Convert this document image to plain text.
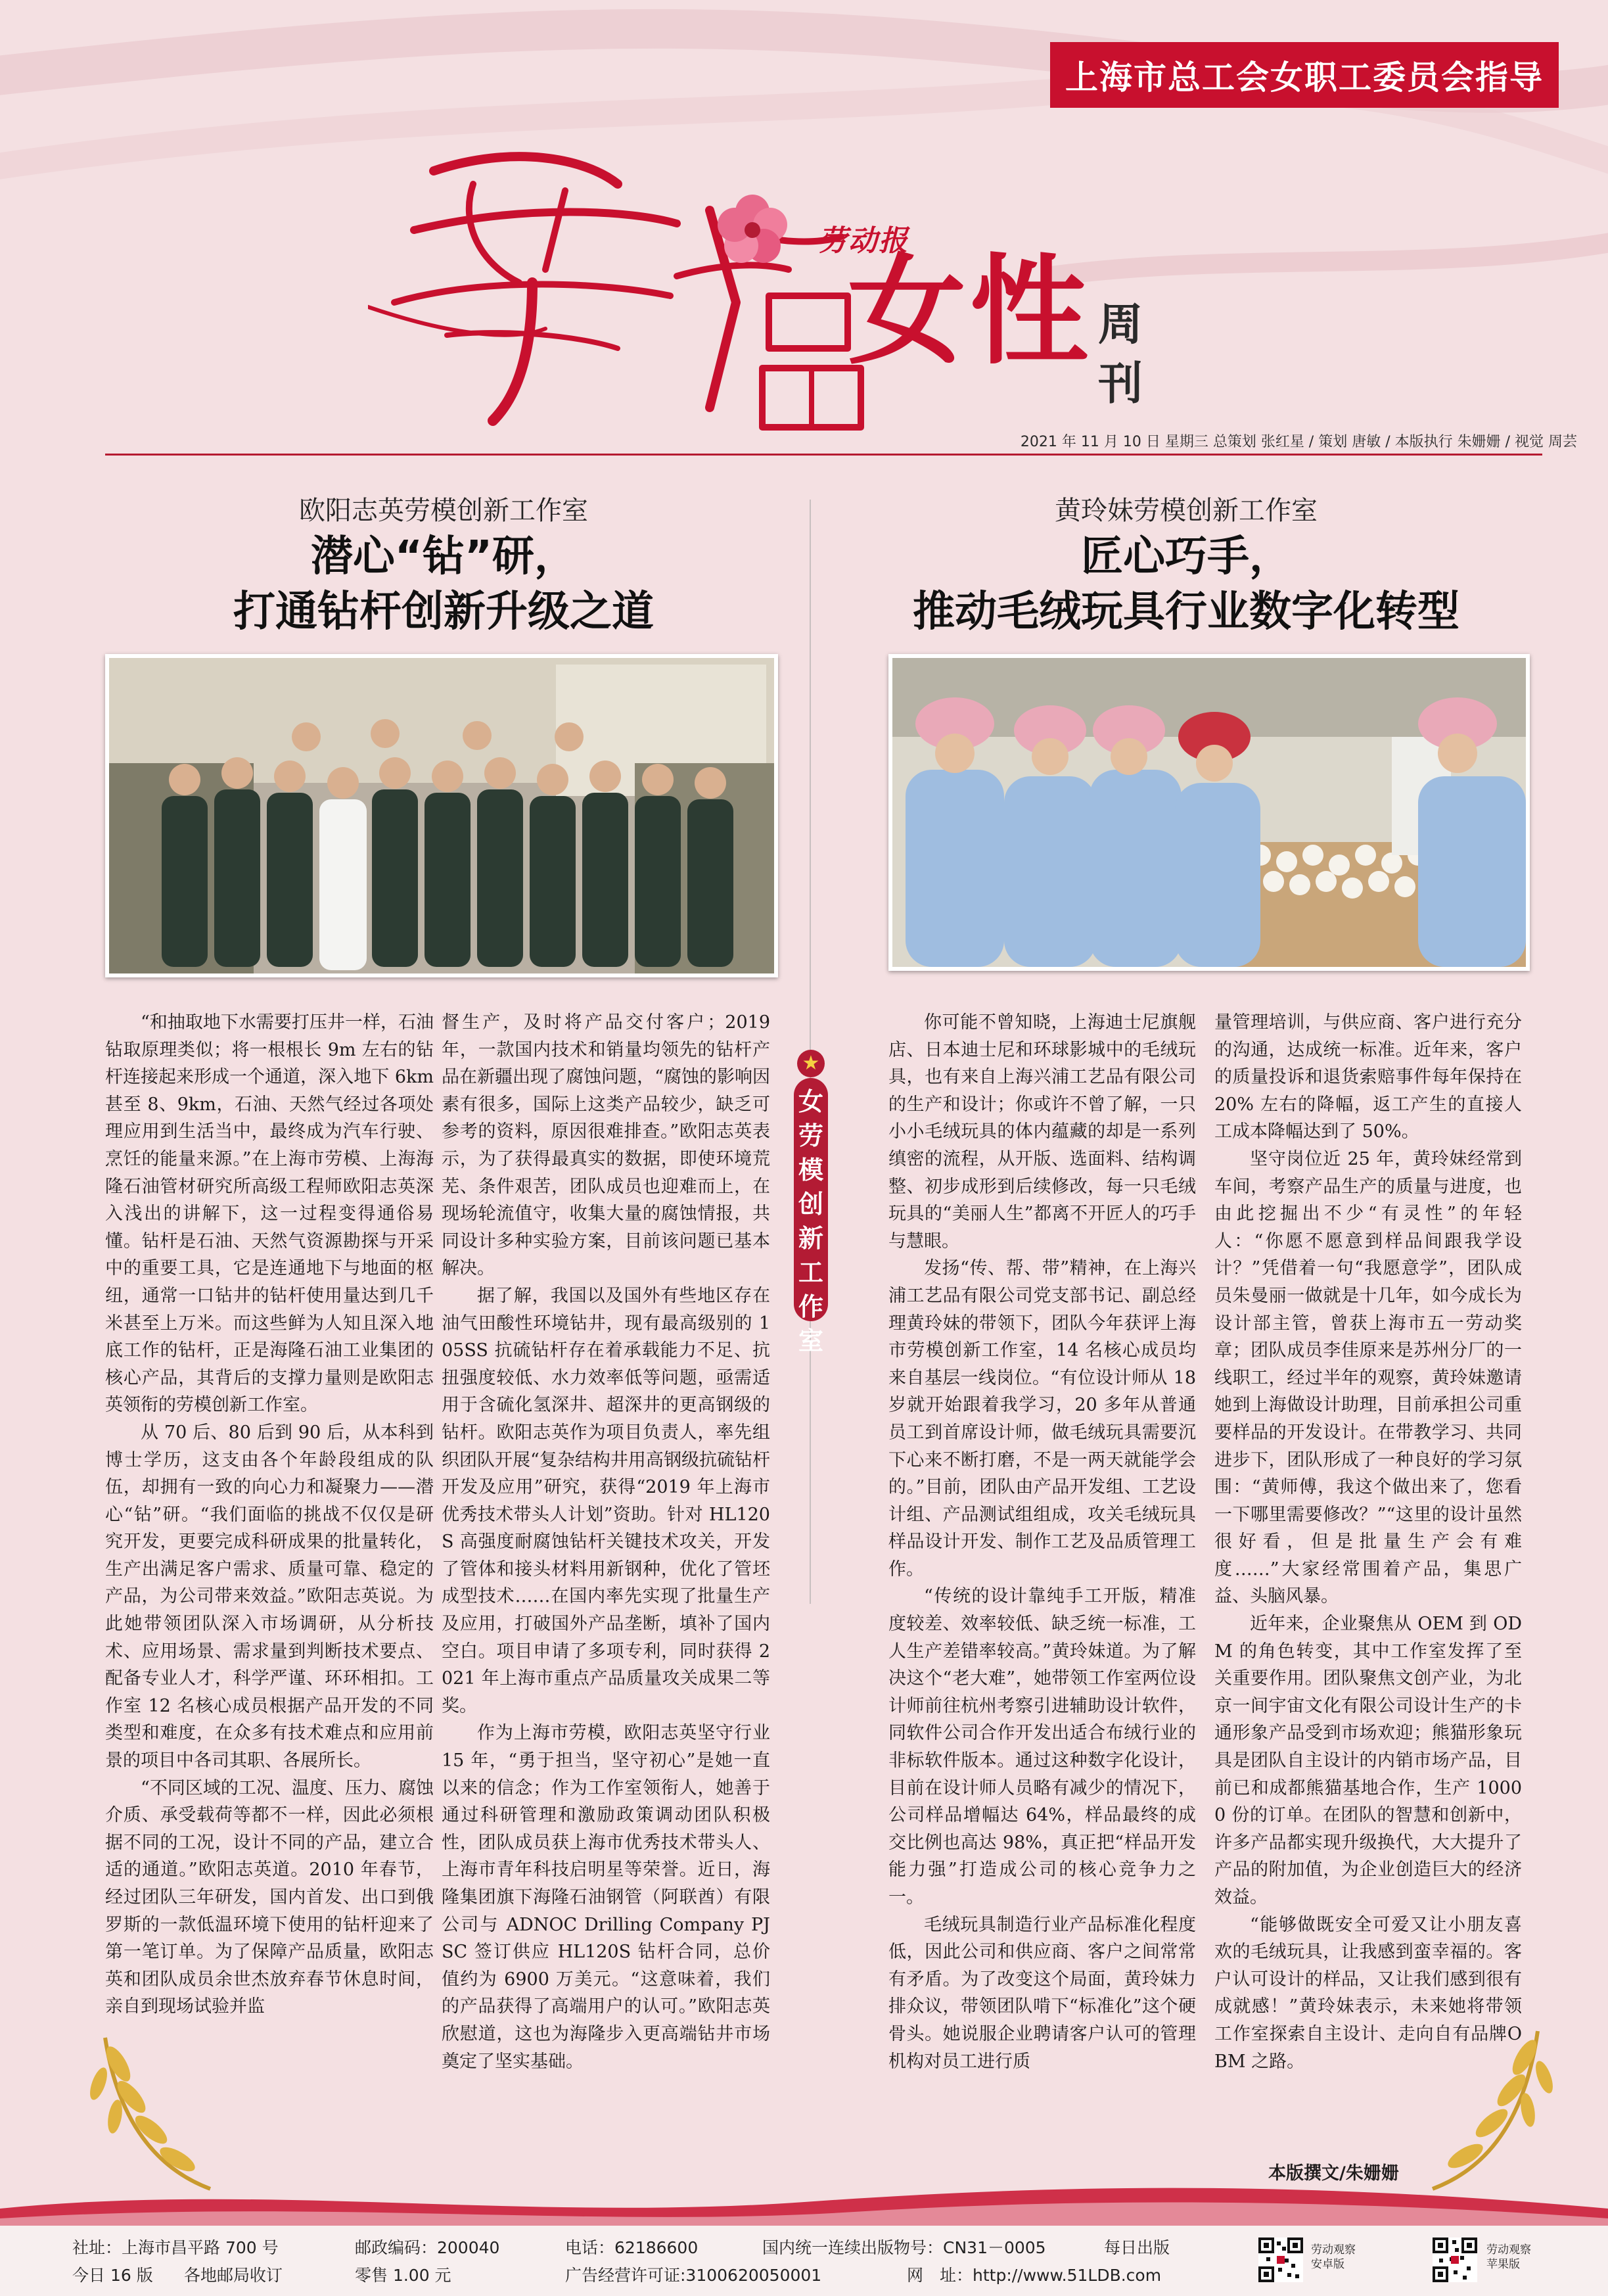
上海市总工会女职工委员会指导
劳动报
女性 周
刊
2021 年 11 月 10 日 星期三 总策划 张红星 / 策划 唐敏 / 本版执行 朱姗姗 / 视觉 周芸
欧阳志英劳模创新工作室
潜心“钻”研，
打通钻杆创新升级之道

“和抽取地下水需要打压井一样，石油钻取原理类似；将一根根长 9m 左右的钻杆连接起来形成一个通道，深入地下 6km 甚至 8、9km，石油、天然气经过各项处理应用到生活当中，最终成为汽车行驶、烹饪的能量来源。”在上海市劳模、上海海隆石油管材研究所高级工程师欧阳志英深入浅出的讲解下，这一过程变得通俗易懂。钻杆是石油、天然气资源勘探与开采中的重要工具，它是连通地下与地面的枢纽，通常一口钻井的钻杆使用量达到几千米甚至上万米。而这些鲜为人知且深入地底工作的钻杆，正是海隆石油工业集团的核心产品，其背后的支撑力量则是欧阳志英领衔的劳模创新工作室。

从 70 后、80 后到 90 后，从本科到博士学历，这支由各个年龄段组成的队伍，却拥有一致的向心力和凝聚力——潜心“钻”研。“我们面临的挑战不仅仅是研究开发，更要完成科研成果的批量转化，生产出满足客户需求、质量可靠、稳定的产品，为公司带来效益。”欧阳志英说。为此她带领团队深入市场调研，从分析技术、应用场景、需求量到判断技术要点、配备专业人才，科学严谨、环环相扣。工作室 12 名核心成员根据产品开发的不同类型和难度，在众多有技术难点和应用前景的项目中各司其职、各展所长。

“不同区域的工况、温度、压力、腐蚀介质、承受载荷等都不一样，因此必须根据不同的工况，设计不同的产品，建立合适的通道。”欧阳志英道。2010 年春节，经过团队三年研发，国内首发、出口到俄罗斯的一款低温环境下使用的钻杆迎来了第一笔订单。为了保障产品质量，欧阳志英和团队成员余世杰放弃春节休息时间，亲自到现场试验并监

督生产，及时将产品交付客户；2019 年，一款国内技术和销量均领先的钻杆产品在新疆出现了腐蚀问题，“腐蚀的影响因素有很多，国际上这类产品较少，缺乏可参考的资料，原因很难排查。”欧阳志英表示，为了获得最真实的数据，即使环境荒芜、条件艰苦，团队成员也迎难而上，在现场轮流值守，收集大量的腐蚀情报，共同设计多种实验方案，目前该问题已基本解决。

据了解，我国以及国外有些地区存在油气田酸性环境钻井，现有最高级别的 105SS 抗硫钻杆存在着承载能力不足、抗扭强度较低、水力效率低等问题，亟需适用于含硫化氢深井、超深井的更高钢级的钻杆。欧阳志英作为项目负责人，率先组织团队开展“复杂结构井用高钢级抗硫钻杆开发及应用”研究，获得“2019 年上海市优秀技术带头人计划”资助。针对 HL120S 高强度耐腐蚀钻杆关键技术攻关，开发了管体和接头材料用新钢种，优化了管坯成型技术……在国内率先实现了批量生产及应用，打破国外产品垄断，填补了国内空白。项目申请了多项专利，同时获得 2021 年上海市重点产品质量攻关成果二等奖。

作为上海市劳模，欧阳志英坚守行业 15 年，“勇于担当，坚守初心”是她一直以来的信念；作为工作室领衔人，她善于通过科研管理和激励政策调动团队积极性，团队成员获上海市优秀技术带头人、上海市青年科技启明星等荣誉。近日，海隆集团旗下海隆石油钢管（阿联酋）有限公司与 ADNOC Drilling Company PJSC 签订供应 HL120S 钻杆合同，总价值约为 6900 万美元。“这意味着，我们的产品获得了高端用户的认可。”欧阳志英欣慰道，这也为海隆步入更高端钻井市场奠定了坚实基础。

★
女劳模创新工作室
黄玲妹劳模创新工作室
匠心巧手，
推动毛绒玩具行业数字化转型

你可能不曾知晓，上海迪士尼旗舰店、日本迪士尼和环球影城中的毛绒玩具，也有来自上海兴浦工艺品有限公司的生产和设计；你或许不曾了解，一只小小毛绒玩具的体内蕴藏的却是一系列缜密的流程，从开版、选面料、结构调整、初步成形到后续修改，每一只毛绒玩具的“美丽人生”都离不开匠人的巧手与慧眼。

发扬“传、帮、带”精神，在上海兴浦工艺品有限公司党支部书记、副总经理黄玲妹的带领下，团队今年获评上海市劳模创新工作室，14 名核心成员均来自基层一线岗位。“有位设计师从 18 岁就开始跟着我学习，20 多年从普通员工到首席设计师，做毛绒玩具需要沉下心来不断打磨，不是一两天就能学会的。”目前，团队由产品开发组、工艺设计组、产品测试组组成，攻关毛绒玩具样品设计开发、制作工艺及品质管理工作。

“传统的设计靠纯手工开版，精准度较差、效率较低、缺乏统一标准，工人生产差错率较高。”黄玲妹道。为了解决这个“老大难”，她带领工作室两位设计师前往杭州考察引进辅助设计软件，同软件公司合作开发出适合布绒行业的非标软件版本。通过这种数字化设计，目前在设计师人员略有减少的情况下，公司样品增幅达 64%，样品最终的成交比例也高达 98%，真正把“样品开发能力强”打造成公司的核心竞争力之一。

毛绒玩具制造行业产品标准化程度低，因此公司和供应商、客户之间常常有矛盾。为了改变这个局面，黄玲妹力排众议，带领团队啃下“标准化”这个硬骨头。她说服企业聘请客户认可的管理机构对员工进行质

量管理培训，与供应商、客户进行充分的沟通，达成统一标准。近年来，客户的质量投诉和退货索赔事件每年保持在 20% 左右的降幅，返工产生的直接人工成本降幅达到了 50%。

坚守岗位近 25 年，黄玲妹经常到车间，考察产品生产的质量与进度，也由此挖掘出不少“有灵性”的年轻人：“你愿不愿意到样品间跟我学设计？”凭借着一句“我愿意学”，团队成员朱曼丽一做就是十几年，如今成长为设计部主管，曾获上海市五一劳动奖章；团队成员李佳原来是苏州分厂的一线职工，经过半年的观察，黄玲妹邀请她到上海做设计助理，目前承担公司重要样品的开发设计。在带教学习、共同进步下，团队形成了一种良好的学习氛围：“黄师傅，我这个做出来了，您看一下哪里需要修改？”“这里的设计虽然很好看，但是批量生产会有难度……”大家经常围着产品，集思广益、头脑风暴。

近年来，企业聚焦从 OEM 到 ODM 的角色转变，其中工作室发挥了至关重要作用。团队聚焦文创产业，为北京一间宇宙文化有限公司设计生产的卡通形象产品受到市场欢迎；熊猫形象玩具是团队自主设计的内销市场产品，目前已和成都熊猫基地合作，生产 10000 份的订单。在团队的智慧和创新中，许多产品都实现升级换代，大大提升了产品的附加值，为企业创造巨大的经济效益。

“能够做既安全可爱又让小朋友喜欢的毛绒玩具，让我感到蛮幸福的。客户认可设计的样品，又让我们感到很有成就感！”黄玲妹表示，未来她将带领工作室探索自主设计、走向自有品牌OBM 之路。

本版撰文/朱姗姗
社址：上海市昌平路 700 号	邮政编码：200040	电话：62186600	国内统一连续出版物号：CN31－0005	每日出版
今日 16 版 各地邮局收订	零售 1.00 元	广告经营许可证:3100620050001	网　址：http://www.51LDB.com
劳动观察
安卓版
劳动观察
苹果版
